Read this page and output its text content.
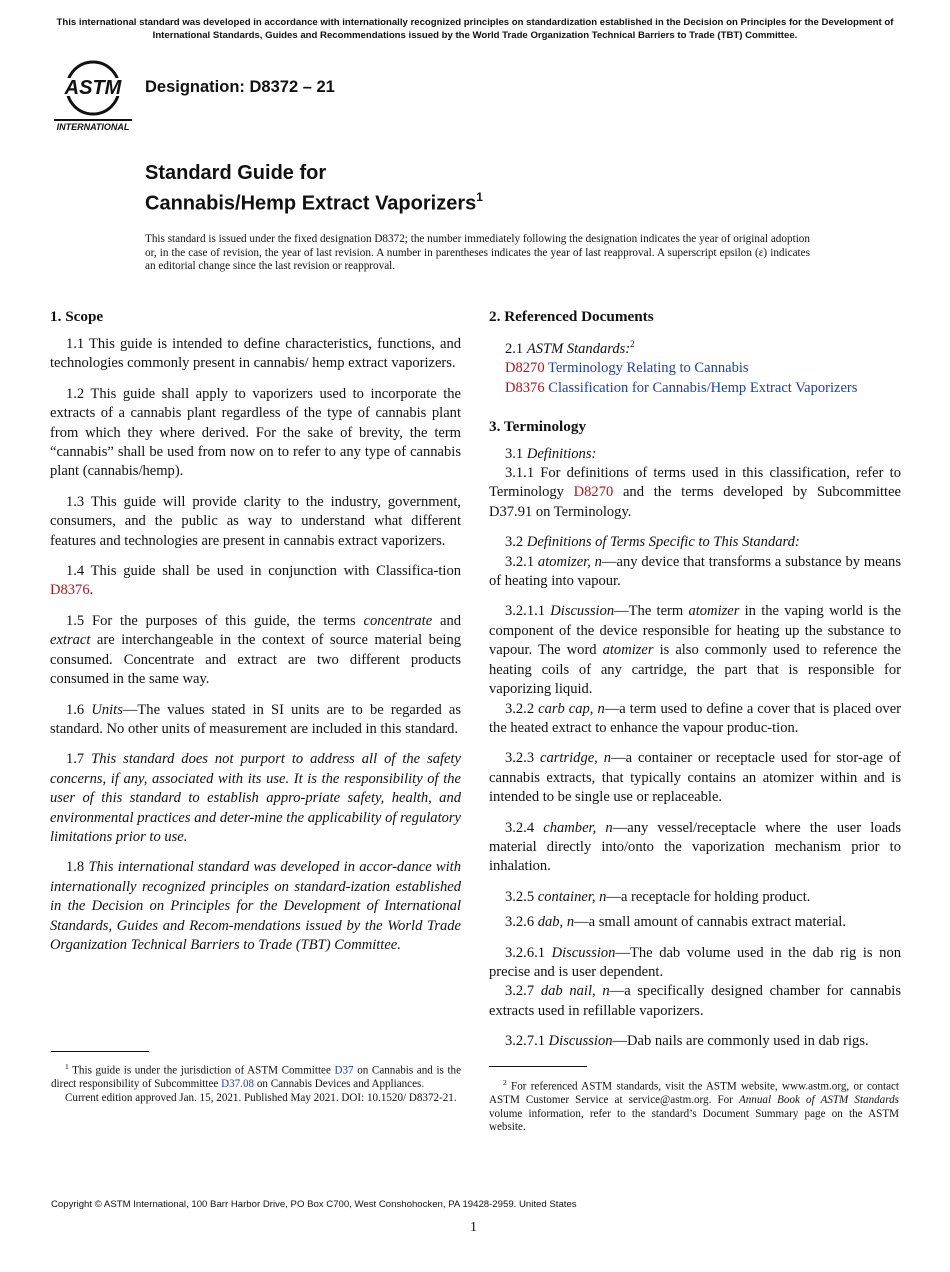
This international standard was developed in accordance with internationally recognized principles on standardization established in the Decision on Principles for the Development of International Standards, Guides and Recommendations issued by the World Trade Organization Technical Barriers to Trade (TBT) Committee.
ASTM
INTERNATIONAL
Designation: D8372 – 21
Standard Guide for
Cannabis/Hemp Extract Vaporizers$^1$
This standard is issued under the fixed designation D8372; the number immediately following the designation indicates the year of original adoption or, in the case of revision, the year of last revision. A number in parentheses indicates the year of last reapproval. A superscript epsilon (ε) indicates an editorial change since the last revision or reapproval.
1. Scope

1.1 This guide is intended to define characteristics, functions, and technologies commonly present in cannabis/ hemp extract vaporizers.

1.2 This guide shall apply to vaporizers used to incorporate the extracts of a cannabis plant regardless of the type of cannabis plant from which they where derived. For the sake of brevity, the term “cannabis” shall be used from now on to refer to any type of cannabis plant (cannabis/hemp).

1.3 This guide will provide clarity to the industry, government, consumers, and the public as way to understand what different features and technologies are present in cannabis extract vaporizers.

1.4 This guide shall be used in conjunction with Classifica-tion D8376.

1.5 For the purposes of this guide, the terms concentrate and extract are interchangeable in the context of source material being consumed. Concentrate and extract are two different products consumed in the same way.

1.6 Units—The values stated in SI units are to be regarded as standard. No other units of measurement are included in this standard.

1.7 This standard does not purport to address all of the safety concerns, if any, associated with its use. It is the responsibility of the user of this standard to establish appro-priate safety, health, and environmental practices and deter-mine the applicability of regulatory limitations prior to use.

1.8 This international standard was developed in accor-dance with internationally recognized principles on standard-ization established in the Decision on Principles for the Development of International Standards, Guides and Recom-mendations issued by the World Trade Organization Technical Barriers to Trade (TBT) Committee.

2. Referenced Documents
2.1 ASTM Standards:$^2$
D8270 Terminology Relating to Cannabis
D8376 Classification for Cannabis/Hemp Extract Vaporizers
3. Terminology

3.1 Definitions:

3.1.1 For definitions of terms used in this classification, refer to Terminology D8270 and the terms developed by Subcommittee D37.91 on Terminology.

3.2 Definitions of Terms Specific to This Standard:

3.2.1 atomizer, n—any device that transforms a substance by means of heating into vapour.

3.2.1.1 Discussion—The term atomizer in the vaping world is the component of the device responsible for heating up the substance to vapour. The word atomizer is also commonly used to reference the heating coils of any cartridge, the part that is responsible for vaporizing liquid.

3.2.2 carb cap, n—a term used to define a cover that is placed over the heated extract to enhance the vapour produc-tion.

3.2.3 cartridge, n—a container or receptacle used for stor-age of cannabis extracts, that typically contains an atomizer within and is intended to be single use or replaceable.

3.2.4 chamber, n—any vessel/receptacle where the user loads material directly into/onto the vaporization mechanism prior to inhalation.

3.2.5 container, n—a receptacle for holding product.

3.2.6 dab, n—a small amount of cannabis extract material.

3.2.6.1 Discussion—The dab volume used in the dab rig is non precise and is user dependent.

3.2.7 dab nail, n—a specifically designed chamber for cannabis extracts used in refillable vaporizers.

3.2.7.1 Discussion—Dab nails are commonly used in dab rigs.

$^1$ This guide is under the jurisdiction of ASTM Committee D37 on Cannabis and is the direct responsibility of Subcommittee D37.08 on Cannabis Devices and Appliances.

Current edition approved Jan. 15, 2021. Published May 2021. DOI: 10.1520/ D8372-21.

$^2$ For referenced ASTM standards, visit the ASTM website, www.astm.org, or contact ASTM Customer Service at service@astm.org. For Annual Book of ASTM Standards volume information, refer to the standard’s Document Summary page on the ASTM website.

Copyright © ASTM International, 100 Barr Harbor Drive, PO Box C700, West Conshohocken, PA 19428-2959. United States
1
